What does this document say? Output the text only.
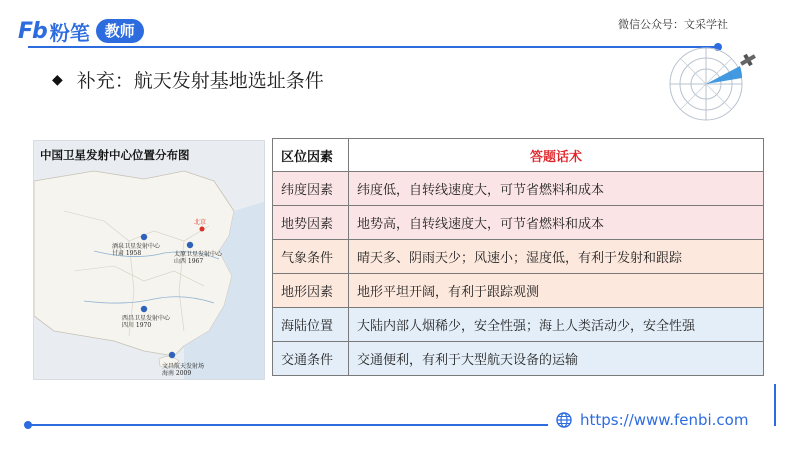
Fb 粉笔	教师	微信公众号：文采学社
◆ 补充：航天发射基地选址条件
中国卫星发射中心位置分布图
酒泉卫星发射中心
甘肃 1958	太原卫星发射中心
山西 1967
西昌卫星发射中心
四川 1970
文昌航天发射场
海南 2009
北京
区位因素	答题话术
纬度因素	纬度低，自转线速度大，可节省燃料和成本
地势因素	地势高，自转线速度大，可节省燃料和成本
气象条件	晴天多、阴雨天少；风速小；湿度低，有利于发射和跟踪
地形因素	地形平坦开阔，有利于跟踪观测
海陆位置	大陆内部人烟稀少，安全性强；海上人类活动少，安全性强
交通条件	交通便利，有利于大型航天设备的运输
https://www.fenbi.com
